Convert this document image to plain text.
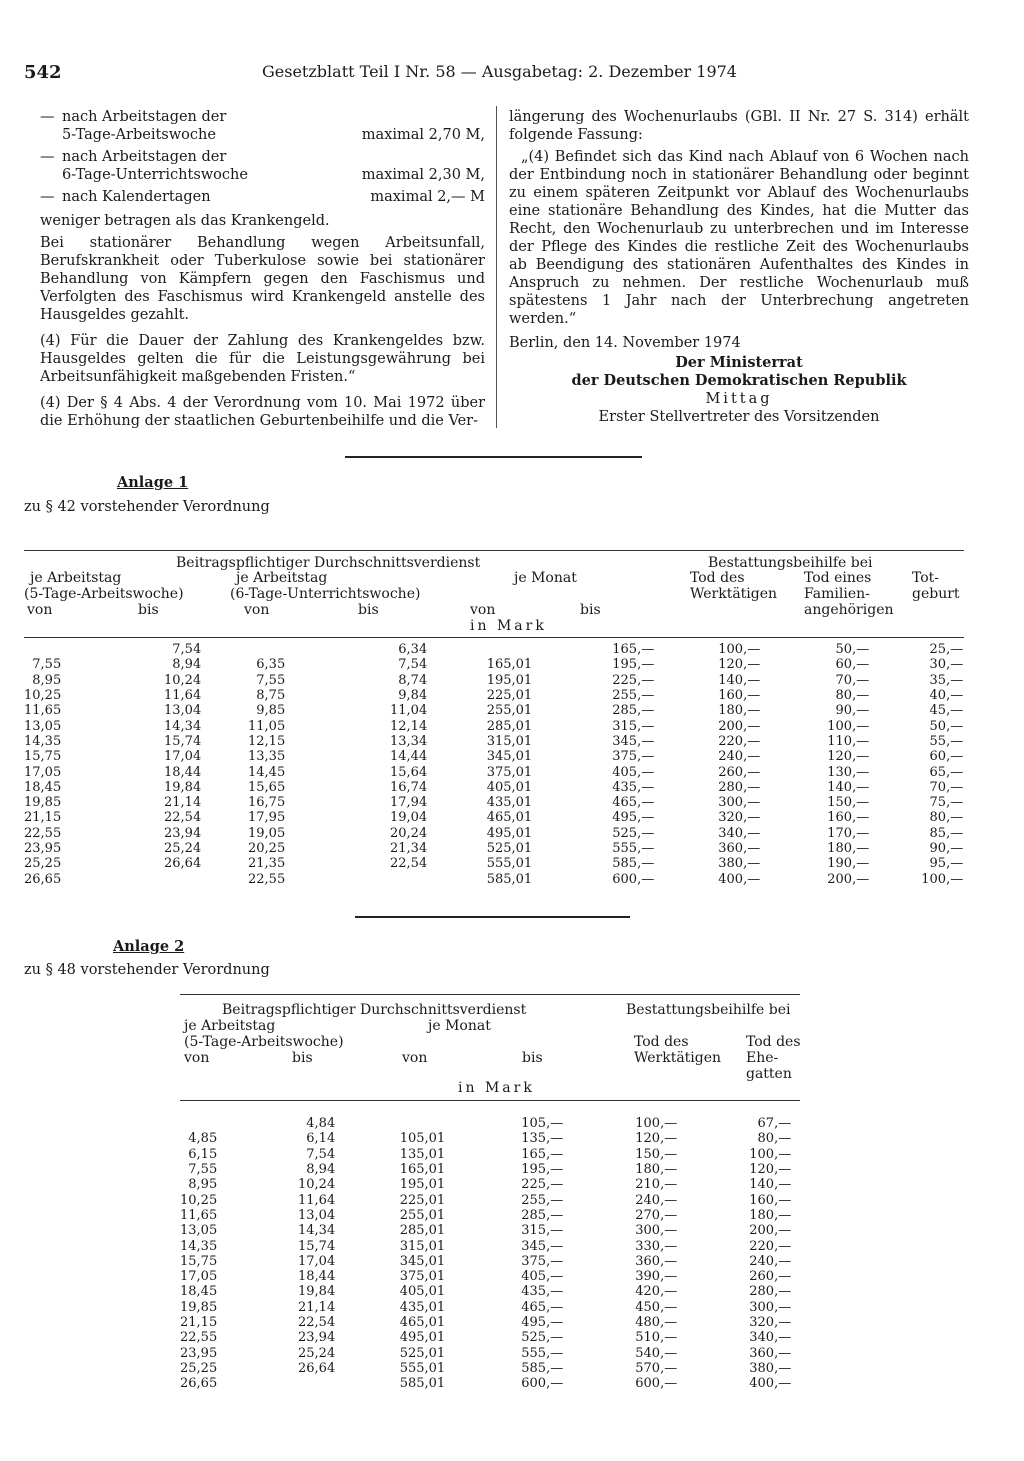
542	Gesetzblatt Teil I Nr. 58 — Ausgabetag: 2. Dezember 1974
— nach Arbeitstagen der
5-Tage-Arbeitswoche	maximal 2,70 M,
— nach Arbeitstagen der
6-Tage-Unterrichtswoche	maximal 2,30 M,
— nach Kalendertagen	maximal 2,— M

weniger betragen als das Krankengeld.

Bei stationärer Behandlung wegen Arbeitsunfall, Berufskrankheit oder Tuberkulose sowie bei stationärer Behandlung von Kämpfern gegen den Faschismus und Verfolgten des Faschismus wird Krankengeld anstelle des Hausgeldes gezahlt.

(4) Für die Dauer der Zahlung des Krankengeldes bzw. Hausgeldes gelten die für die Leistungsgewährung bei Arbeitsunfähigkeit maßgebenden Fristen.“

(4) Der § 4 Abs. 4 der Verordnung vom 10. Mai 1972 über die Erhöhung der staatlichen Geburtenbeihilfe und die Ver-

längerung des Wochenurlaubs (GBl. II Nr. 27 S. 314) erhält folgende Fassung:

„(4) Befindet sich das Kind nach Ablauf von 6 Wochen nach der Entbindung noch in stationärer Behandlung oder beginnt zu einem späteren Zeitpunkt vor Ablauf des Wochenurlaubs eine stationäre Behandlung des Kindes, hat die Mutter das Recht, den Wochenurlaub zu unterbrechen und im Interesse der Pflege des Kindes die restliche Zeit des Wochenurlaubs ab Beendigung des stationären Aufenthaltes des Kindes in Anspruch zu nehmen. Der restliche Wochenurlaub muß spätestens 1 Jahr nach der Unterbrechung angetreten werden.“

Berlin, den 14. November 1974

Der Ministerrat
der Deutschen Demokratischen Republik
Mittag
Erster Stellvertreter des Vorsitzenden
Anlage 1
zu § 42 vorstehender Verordnung
Beitragspflichtiger Durchschnittsverdienst	Bestattungsbeihilfe bei
je Arbeitstag
(5-Tage-Arbeitswoche)
je Arbeitstag
(6-Tage-Unterrichtswoche)
je Monat	Tod des
Werktätigen
Tod eines
Familien-
angehörigen
Tot-
geburt
von	bis	von	bis	von	bis
in Mark
	7,54		6,34		165,—	100,—	50,—	25,—
7,55	8,94	6,35	7,54	165,01	195,—	120,—	60,—	30,—
8,95	10,24	7,55	8,74	195,01	225,—	140,—	70,—	35,—
10,25	11,64	8,75	9,84	225,01	255,—	160,—	80,—	40,—
11,65	13,04	9,85	11,04	255,01	285,—	180,—	90,—	45,—
13,05	14,34	11,05	12,14	285,01	315,—	200,—	100,—	50,—
14,35	15,74	12,15	13,34	315,01	345,—	220,—	110,—	55,—
15,75	17,04	13,35	14,44	345,01	375,—	240,—	120,—	60,—
17,05	18,44	14,45	15,64	375,01	405,—	260,—	130,—	65,—
18,45	19,84	15,65	16,74	405,01	435,—	280,—	140,—	70,—
19,85	21,14	16,75	17,94	435,01	465,—	300,—	150,—	75,—
21,15	22,54	17,95	19,04	465,01	495,—	320,—	160,—	80,—
22,55	23,94	19,05	20,24	495,01	525,—	340,—	170,—	85,—
23,95	25,24	20,25	21,34	525,01	555,—	360,—	180,—	90,—
25,25	26,64	21,35	22,54	555,01	585,—	380,—	190,—	95,—
26,65		22,55		585,01	600,—	400,—	200,—	100,—
Anlage 2
zu § 48 vorstehender Verordnung
Beitragspflichtiger Durchschnittsverdienst	Bestattungsbeihilfe bei
je Arbeitstag
(5-Tage-Arbeitswoche)
je Monat
Tod des
Werktätigen
Tod des
Ehe-
gatten
von	bis	von	bis
in Mark
	4,84		105,—	100,—	67,—
4,85	6,14	105,01	135,—	120,—	80,—
6,15	7,54	135,01	165,—	150,—	100,—
7,55	8,94	165,01	195,—	180,—	120,—
8,95	10,24	195,01	225,—	210,—	140,—
10,25	11,64	225,01	255,—	240,—	160,—
11,65	13,04	255,01	285,—	270,—	180,—
13,05	14,34	285,01	315,—	300,—	200,—
14,35	15,74	315,01	345,—	330,—	220,—
15,75	17,04	345,01	375,—	360,—	240,—
17,05	18,44	375,01	405,—	390,—	260,—
18,45	19,84	405,01	435,—	420,—	280,—
19,85	21,14	435,01	465,—	450,—	300,—
21,15	22,54	465,01	495,—	480,—	320,—
22,55	23,94	495,01	525,—	510,—	340,—
23,95	25,24	525,01	555,—	540,—	360,—
25,25	26,64	555,01	585,—	570,—	380,—
26,65		585,01	600,—	600,—	400,—
